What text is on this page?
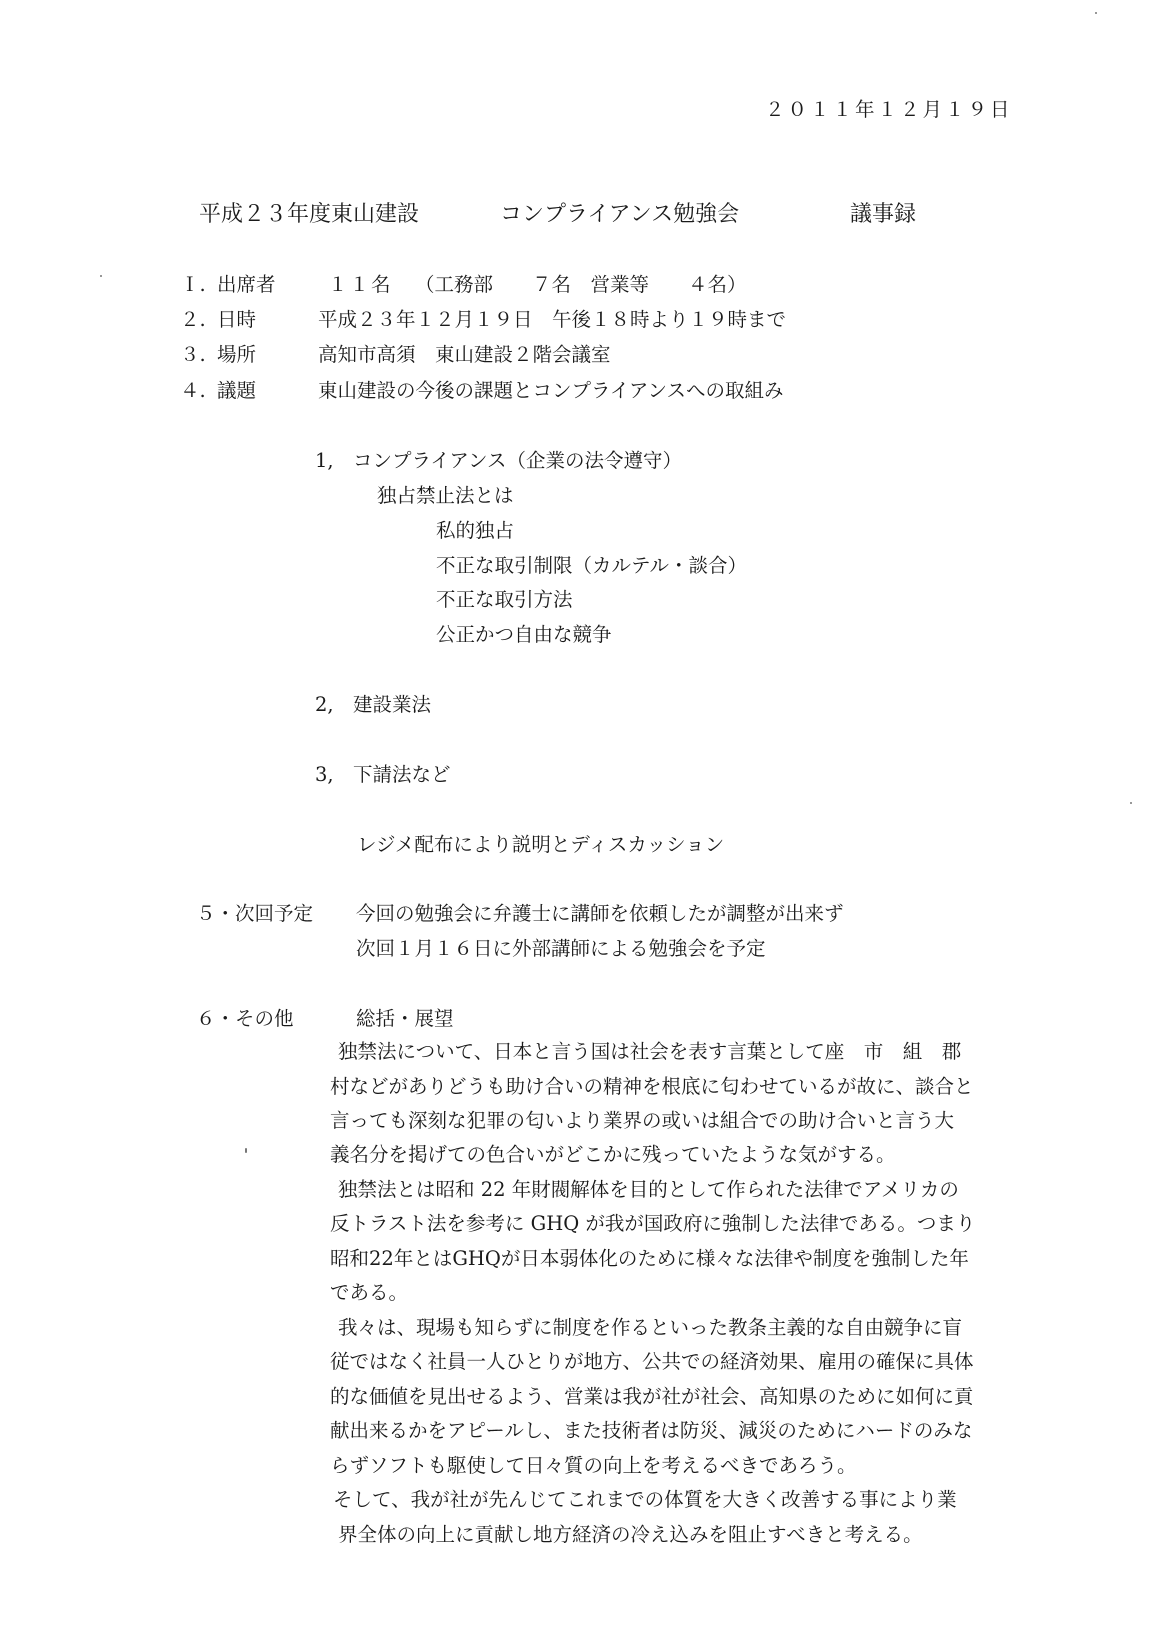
２０１１年１２月１９日
平成２３年度東山建設	コンプライアンス勉強会	議事録
Ｉ. 出席者	１１名 （工務部　　７名　営業等　　４名）
２. 日時	平成２３年１２月１９日　午後１８時より１９時まで
３. 場所	高知市高須　東山建設２階会議室
４. 議題	東山建設の今後の課題とコンプライアンスへの取組み
1, コンプライアンス（企業の法令遵守）
独占禁止法とは
私的独占
不正な取引制限（カルテル・談合）
不正な取引方法
公正かつ自由な競争
2, 建設業法
3, 下請法など
レジメ配布により説明とディスカッション
５・次回予定 今回の勉強会に弁護士に講師を依頼したが調整が出来ず
次回１月１６日に外部講師による勉強会を予定
６・その他	総括・展望
独禁法について、日本と言う国は社会を表す言葉として座　市　組　郡
村などがありどうも助け合いの精神を根底に匂わせているが故に、談合と
言っても深刻な犯罪の匂いより業界の或いは組合での助け合いと言う大
義名分を掲げての色合いがどこかに残っていたような気がする。
独禁法とは昭和 22 年財閥解体を目的として作られた法律でアメリカの
反トラスト法を参考に GHQ が我が国政府に強制した法律である。つまり
昭和22年とはGHQが日本弱体化のために様々な法律や制度を強制した年
である。
我々は、現場も知らずに制度を作るといった教条主義的な自由競争に盲
従ではなく社員一人ひとりが地方、公共での経済効果、雇用の確保に具体
的な価値を見出せるよう、営業は我が社が社会、高知県のために如何に貢
献出来るかをアピールし、また技術者は防災、減災のためにハードのみな
らずソフトも駆使して日々質の向上を考えるべきであろう。
そして、我が社が先んじてこれまでの体質を大きく改善する事により業
界全体の向上に貢献し地方経済の冷え込みを阻止すべきと考える。
